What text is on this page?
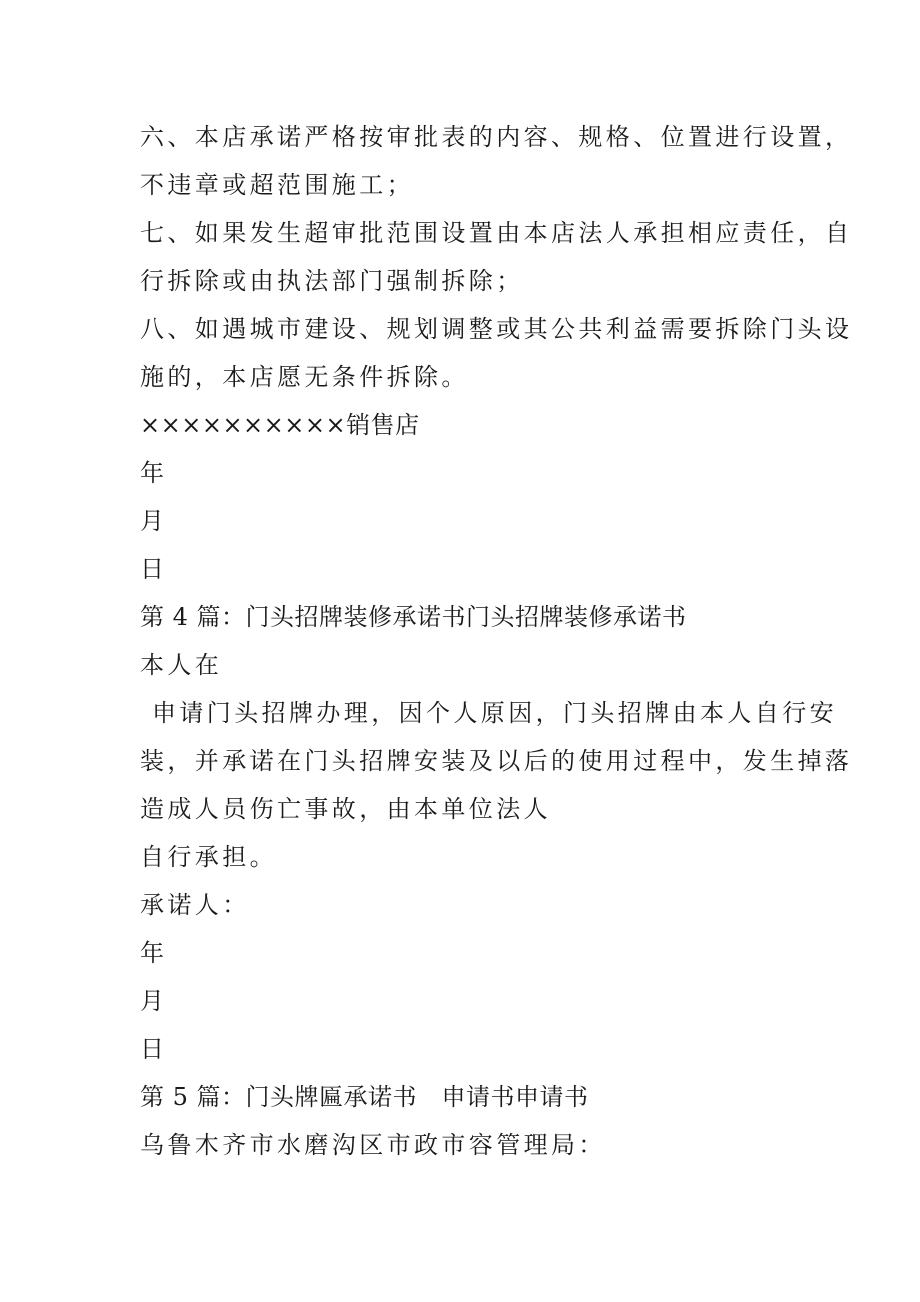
六、本店承诺严格按审批表的内容、规格、位置进行设置，
不违章或超范围施工；
七、如果发生超审批范围设置由本店法人承担相应责任，自
行拆除或由执法部门强制拆除；
八、如遇城市建设、规划调整或其公共利益需要拆除门头设
施的，本店愿无条件拆除。
××××××××××销售店
年
月
日
第 4 篇：门头招牌装修承诺书门头招牌装修承诺书
本人在
申请门头招牌办理，因个人原因，门头招牌由本人自行安
装，并承诺在门头招牌安装及以后的使用过程中，发生掉落
造成人员伤亡事故，由本单位法人
自行承担。
承诺人：
年
月
日
第 5 篇：门头牌匾承诺书　申请书申请书
乌鲁木齐市水磨沟区市政市容管理局：
